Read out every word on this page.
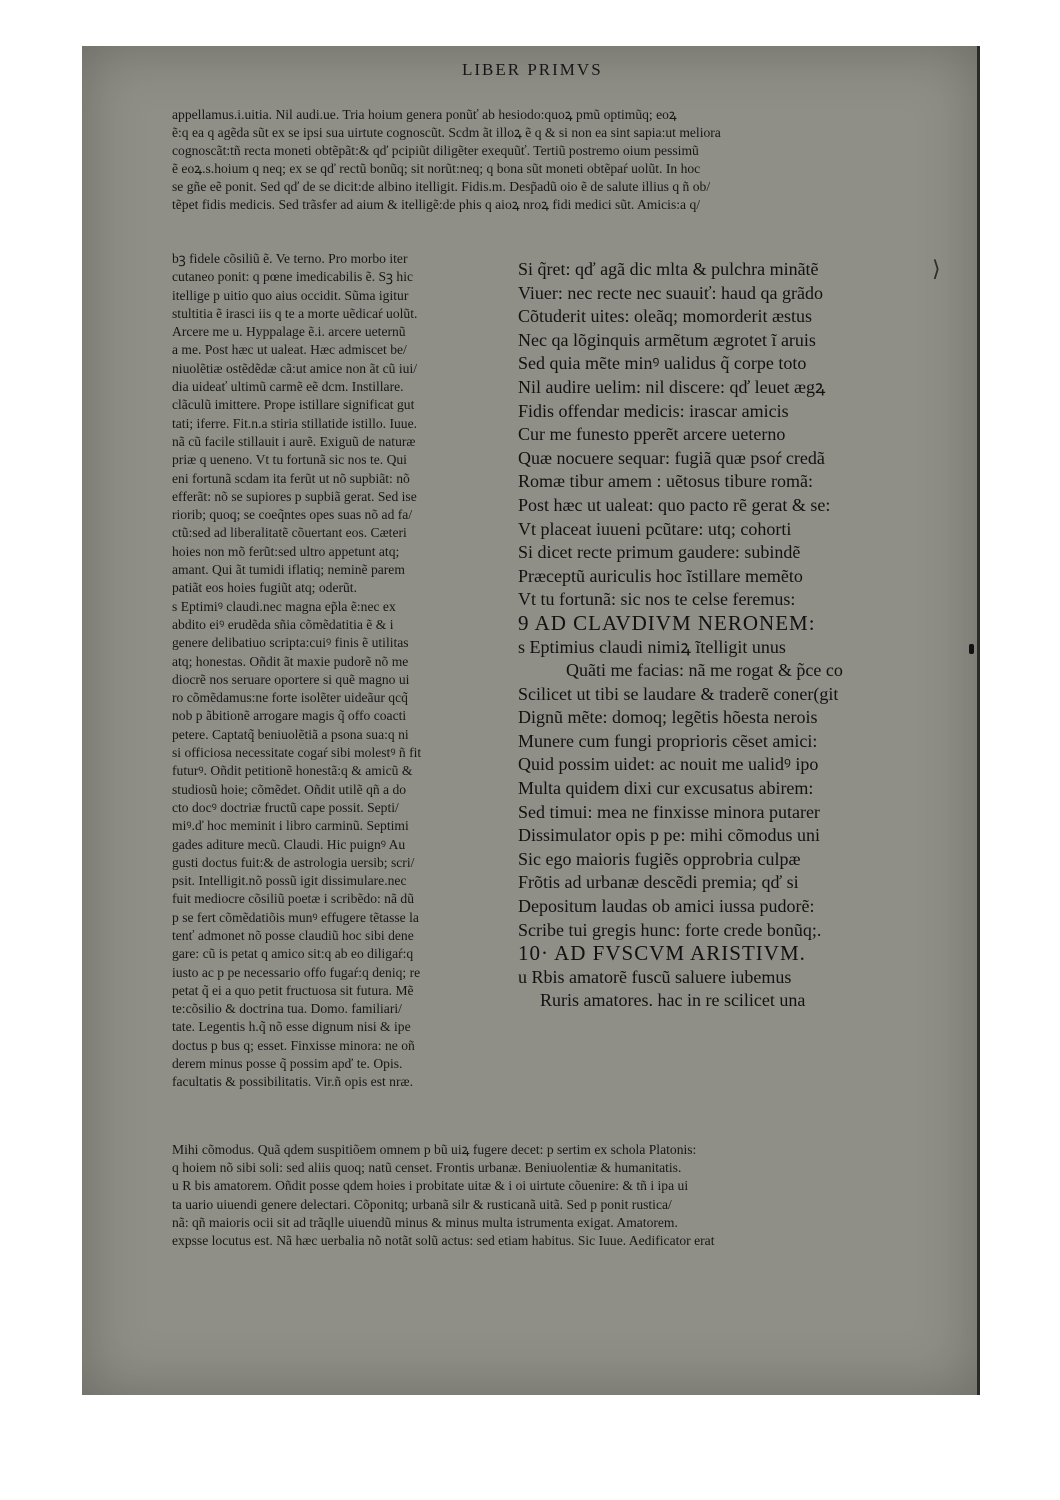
LIBER PRIMVS
appellamus.i.uitia. Nil audi.ue. Tria hoium genera ponũť ab hesiodo:quoꝝ pmũ optimũq; eoꝝ
ẽ:q ea q agẽda sũt ex se ipsi sua uirtute cognoscũt. Scdm ãt illoꝝ ẽ q & si non ea sint sapia:ut meliora
cognoscãt:tñ recta moneti obtẽpãt:& qď pcipiũt diligẽter exequũť. Tertiũ postremo oium pessimũ
ẽ eoꝝ.s.hoium q neq; ex se qď rectũ bonũq; sit norũt:neq; q bona sũt moneti obtẽpaŕ uolũt. In hoc
se gñe eẽ ponit. Sed qď de se dicit:de albino itelligit. Fidis.m. Desp̃adũ oio ẽ de salute illius q ñ ob/
tẽpet fidis medicis. Sed trãsfer ad aium & itelligẽ:de phis q aioꝝ nroꝝ fidi medici sũt. Amicis:a q/
bꝫ fidele cõsiliũ ẽ. Ve terno. Pro morbo iter
cutaneo ponit: q pœne imedicabilis ẽ. Sꝫ hic
itellige p uitio quo aius occidit. Sũma igitur
stultitia ẽ irasci iis q te a morte uẽdicaŕ uolũt.
Arcere me u. Hyppalage ẽ.i. arcere ueternũ
a me. Post hæc ut ualeat. Hæc admiscet be/
niuolẽtiæ ostẽdẽdæ cã:ut amice non ãt cũ iui/
dia uideať ultimũ carmẽ eẽ dcm. Instillare.
clãculũ imittere. Prope istillare significat gut
tati; iferre. Fit.n.a stiria stillatide istillo. Iuue.
nã cũ facile stillauit i aurẽ. Exiguũ de naturæ
priæ q ueneno. Vt tu fortunã sic nos te. Qui
eni fortunã scdam ita ferũt ut nõ supbiãt: nõ
efferãt: nõ se supiores p supbiã gerat. Sed ise
riorib; quoq; se coeq̃ntes opes suas nõ ad fa/
ctũ:sed ad liberalitatẽ cõuertant eos. Cæteri
hoies non mõ ferũt:sed ultro appetunt atq;
amant. Qui ãt tumidi iflatiq; neminẽ parem
patiãt eos hoies fugiũt atq; oderũt.
s Eptimiꝰ claudi.nec magna ep̃la ẽ:nec ex
abdito eiꝰ erudẽda sñia cõmẽdatitia ẽ & i
genere delibatiuo scripta:cuiꝰ finis ẽ utilitas
atq; honestas. Oñdit ãt maxie pudorẽ nõ me
diocrẽ nos seruare oportere si quẽ magno ui
ro cõmẽdamus:ne forte isolẽter uideãur qcq̃
nob p ãbitionẽ arrogare magis q̃ offo coacti
petere. Captatq̃ beniuolẽtiã a psona sua:q ni
si officiosa necessitate cogaŕ sibi molestꝰ ñ fit
futurꝰ. Oñdit petitionẽ honestã:q & amicũ &
studiosũ hoie; cõmẽdet. Oñdit utilẽ qñ a do
cto docꝰ doctriæ fructũ cape possit. Septi/
miꝰ.ď hoc meminit i libro carminũ. Septimi
gades aditure mecũ. Claudi. Hic puignꝰ Au
gusti doctus fuit:& de astrologia uersib; scri/
psit. Intelligit.nõ possũ igit dissimulare.nec
fuit mediocre cõsiliũ poetæ i scribẽdo: nã dũ
p se fert cõmẽdatiõis munꝰ effugere tẽtasse la
tenť admonet nõ posse claudiũ hoc sibi dene
gare: cũ is petat q amico sit:q ab eo diligaŕ:q
iusto ac p pe necessario offo fugaŕ:q deniq; re
petat q̃ ei a quo petit fructuosa sit futura. Mẽ
te:cõsilio & doctrina tua. Domo. familiari/
tate. Legentis h.q̃ nõ esse dignum nisi & ipe
doctus p bus q; esset. Finxisse minora: ne oñ
derem minus posse q̃ possim apď te. Opis.
facultatis & possibilitatis. Vir.ñ opis est nræ.
Si q̃ret: qď agã dic mlta & pulchra minãtẽ
Viuer: nec recte nec suauiť: haud qa grãdo
Cõtuderit uites: oleãq; momorderit æstus
Nec qa lõginquis armẽtum ægrotet ĩ aruis
Sed quia mẽte minꝰ ualidus q̃ corpe toto
Nil audire uelim: nil discere: qď leuet ægꝝ
Fidis offendar medicis: irascar amicis
Cur me funesto pperẽt arcere ueterno
Quæ nocuere sequar: fugiã quæ psoŕ credã
Romæ tibur amem : uẽtosus tibure romã:
Post hæc ut ualeat: quo pacto rẽ gerat & se:
Vt placeat iuueni pcũtare: utq; cohorti
Si dicet recte primum gaudere: subindẽ
Præceptũ auriculis hoc ĩstillare memẽto
Vt tu fortunã: sic nos te celse feremus:
9 AD CLAVDIVM NERONEM:
s Eptimius claudi nimiꝝ ĩtelligit unus
Quãti me facias: nã me rogat & p̃ce co
Scilicet ut tibi se laudare & traderẽ coner(git
Dignũ mẽte: domoq; legẽtis hõesta nerois
Munere cum fungi proprioris cẽset amici:
Quid possim uidet: ac nouit me ualidꝰ ipo
Multa quidem dixi cur excusatus abirem:
Sed timui: mea ne finxisse minora putarer
Dissimulator opis p pe: mihi cõmodus uni
Sic ego maioris fugiẽs opprobria culpæ
Frõtis ad urbanæ descẽdi premia; qď si
Depositum laudas ob amici iussa pudorẽ:
Scribe tui gregis hunc: forte crede bonũq;.
10· AD FVSCVM ARISTIVM.
u Rbis amatorẽ fuscũ saluere iubemus
Ruris amatores. hac in re scilicet una
Mihi cõmodus. Quã qdem suspitiõem omnem p bũ uiꝝ fugere decet: p sertim ex schola Platonis:
q hoiem nõ sibi soli: sed aliis quoq; natũ censet. Frontis urbanæ. Beniuolentiæ & humanitatis.
u R bis amatorem. Oñdit posse qdem hoies i probitate uitæ & i oi uirtute cõuenire: & tñ i ipa ui
ta uario uiuendi genere delectari. Cõponitq; urbanã silr & rusticanã uitã. Sed p ponit rustica/
nã: qñ maioris ocii sit ad trãqlle uiuendũ minus & minus multa istrumenta exigat. Amatorem.
expsse locutus est. Nã hæc uerbalia nõ notãt solũ actus: sed etiam habitus. Sic Iuue. Aedificator erat
⟩
